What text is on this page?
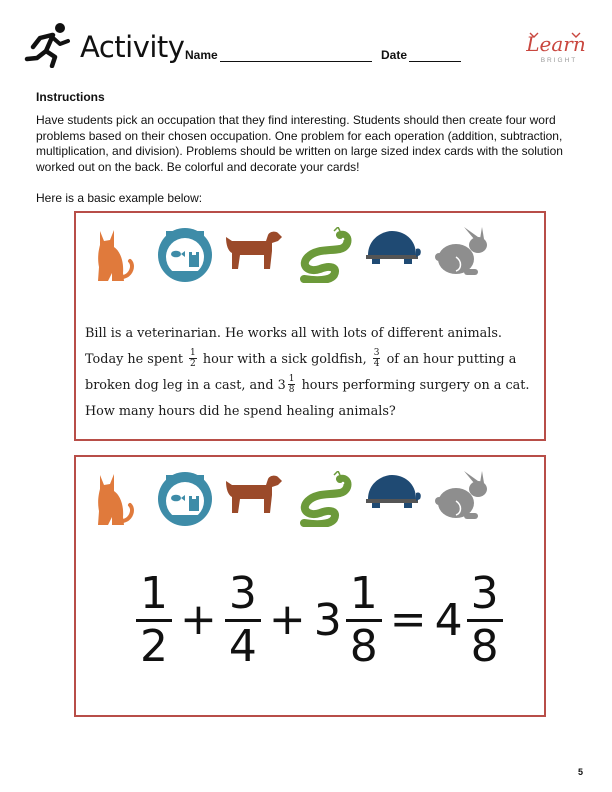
Activity Name	Date	Learn
BRIGHT
Instructions
Have students pick an occupation that they find interesting. Students should then create four word problems based on their chosen occupation. One problem for each operation (addition, subtraction, multiplication, and division). Problems should be written on large sized index cards with the solution worked out on the back. Be colorful and decorate your cards!
Here is a basic example below:
Bill is a veterinarian. He works all with lots of different animals.
Today he spent $\frac{1}{2}$ hour with a sick goldfish, $\frac{3}{4}$ of an hour putting a
broken dog leg in a cast, and $3 \frac{1}{8}$ hours performing surgery on a cat.
How many hours did he spend healing animals?
$\frac{1}{2} + \frac{3}{4} + 3 \frac{1}{8} = 4 \frac{3}{8}$
5
